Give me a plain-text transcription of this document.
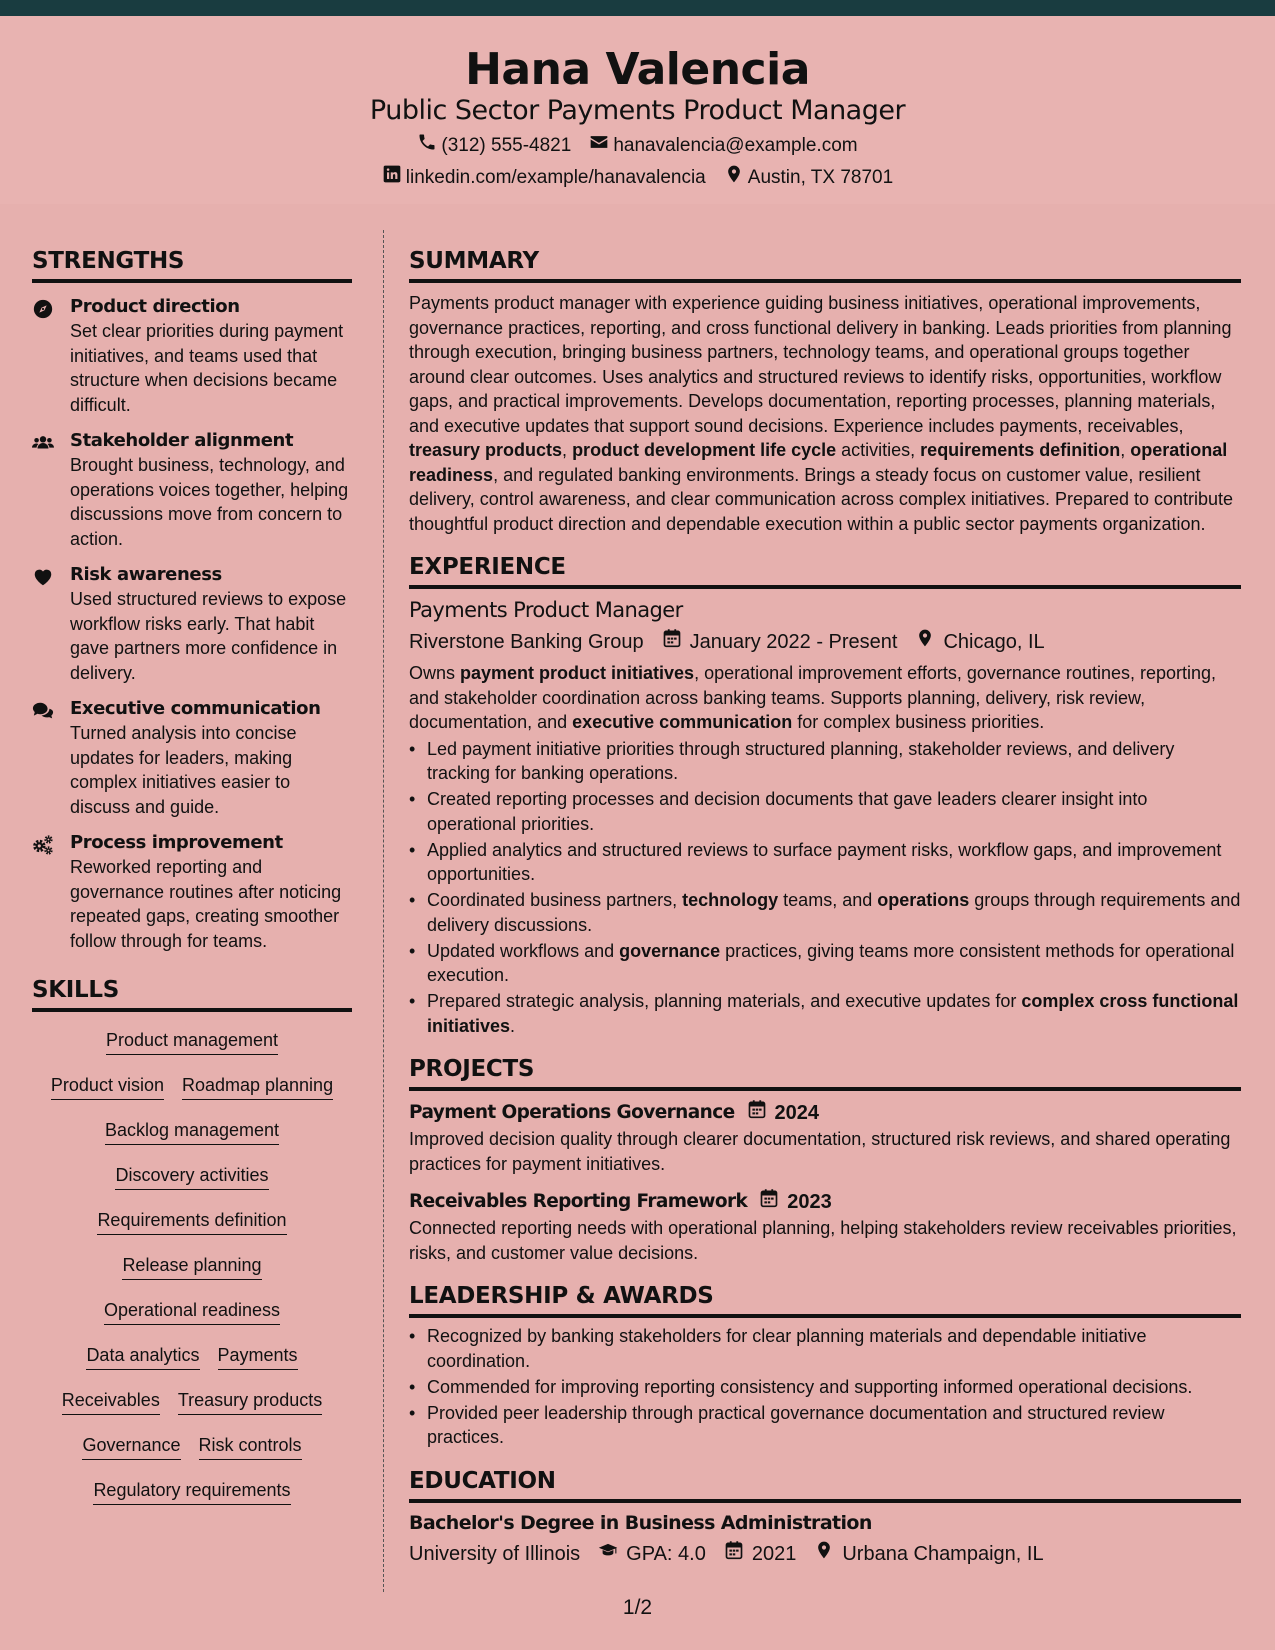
Hana Valencia
Public Sector Payments Product Manager
(312) 555-4821 hanavalencia@example.com
linkedin.com/example/hanavalencia Austin, TX 78701
STRENGTHS
Product direction
Set clear priorities during payment initiatives, and teams used that structure when decisions became difficult.
Stakeholder alignment
Brought business, technology, and operations voices together, helping discussions move from concern to action.
Risk awareness
Used structured reviews to expose workflow risks early. That habit gave partners more confidence in delivery.
Executive communication
Turned analysis into concise updates for leaders, making complex initiatives easier to discuss and guide.
Process improvement
Reworked reporting and governance routines after noticing repeated gaps, creating smoother follow through for teams.
SKILLS
Product management
Product vision Roadmap planning
Backlog management
Discovery activities
Requirements definition
Release planning
Operational readiness
Data analytics Payments
Receivables Treasury products
Governance Risk controls
Regulatory requirements
SUMMARY

Payments product manager with experience guiding business initiatives, operational improvements, governance practices, reporting, and cross functional delivery in banking. Leads priorities from planning through execution, bringing business partners, technology teams, and operational groups together around clear outcomes. Uses analytics and structured reviews to identify risks, opportunities, workflow gaps, and practical improvements. Develops documentation, reporting processes, planning materials, and executive updates that support sound decisions. Experience includes payments, receivables, treasury products, product development life cycle activities, requirements definition, operational readiness, and regulated banking environments. Brings a steady focus on customer value, resilient delivery, control awareness, and clear communication across complex initiatives. Prepared to contribute thoughtful product direction and dependable execution within a public sector payments organization.

EXPERIENCE
Payments Product Manager
Riverstone Banking Group January 2022 - Present Chicago, IL

Owns payment product initiatives, operational improvement efforts, governance routines, reporting, and stakeholder coordination across banking teams. Supports planning, delivery, risk review, documentation, and executive communication for complex business priorities.

• Led payment initiative priorities through structured planning, stakeholder reviews, and delivery tracking for banking operations.
• Created reporting processes and decision documents that gave leaders clearer insight into operational priorities.
• Applied analytics and structured reviews to surface payment risks, workflow gaps, and improvement opportunities.
• Coordinated business partners, technology teams, and operations groups through requirements and delivery discussions.
• Updated workflows and governance practices, giving teams more consistent methods for operational execution.
• Prepared strategic analysis, planning materials, and executive updates for complex cross functional initiatives.
PROJECTS
Payment Operations Governance 2024

Improved decision quality through clearer documentation, structured risk reviews, and shared operating practices for payment initiatives.

Receivables Reporting Framework 2023

Connected reporting needs with operational planning, helping stakeholders review receivables priorities, risks, and customer value decisions.

LEADERSHIP & AWARDS
• Recognized by banking stakeholders for clear planning materials and dependable initiative coordination.
• Commended for improving reporting consistency and supporting informed operational decisions.
• Provided peer leadership through practical governance documentation and structured review practices.
EDUCATION
Bachelor's Degree in Business Administration
University of Illinois GPA: 4.0 2021 Urbana Champaign, IL
1/2
